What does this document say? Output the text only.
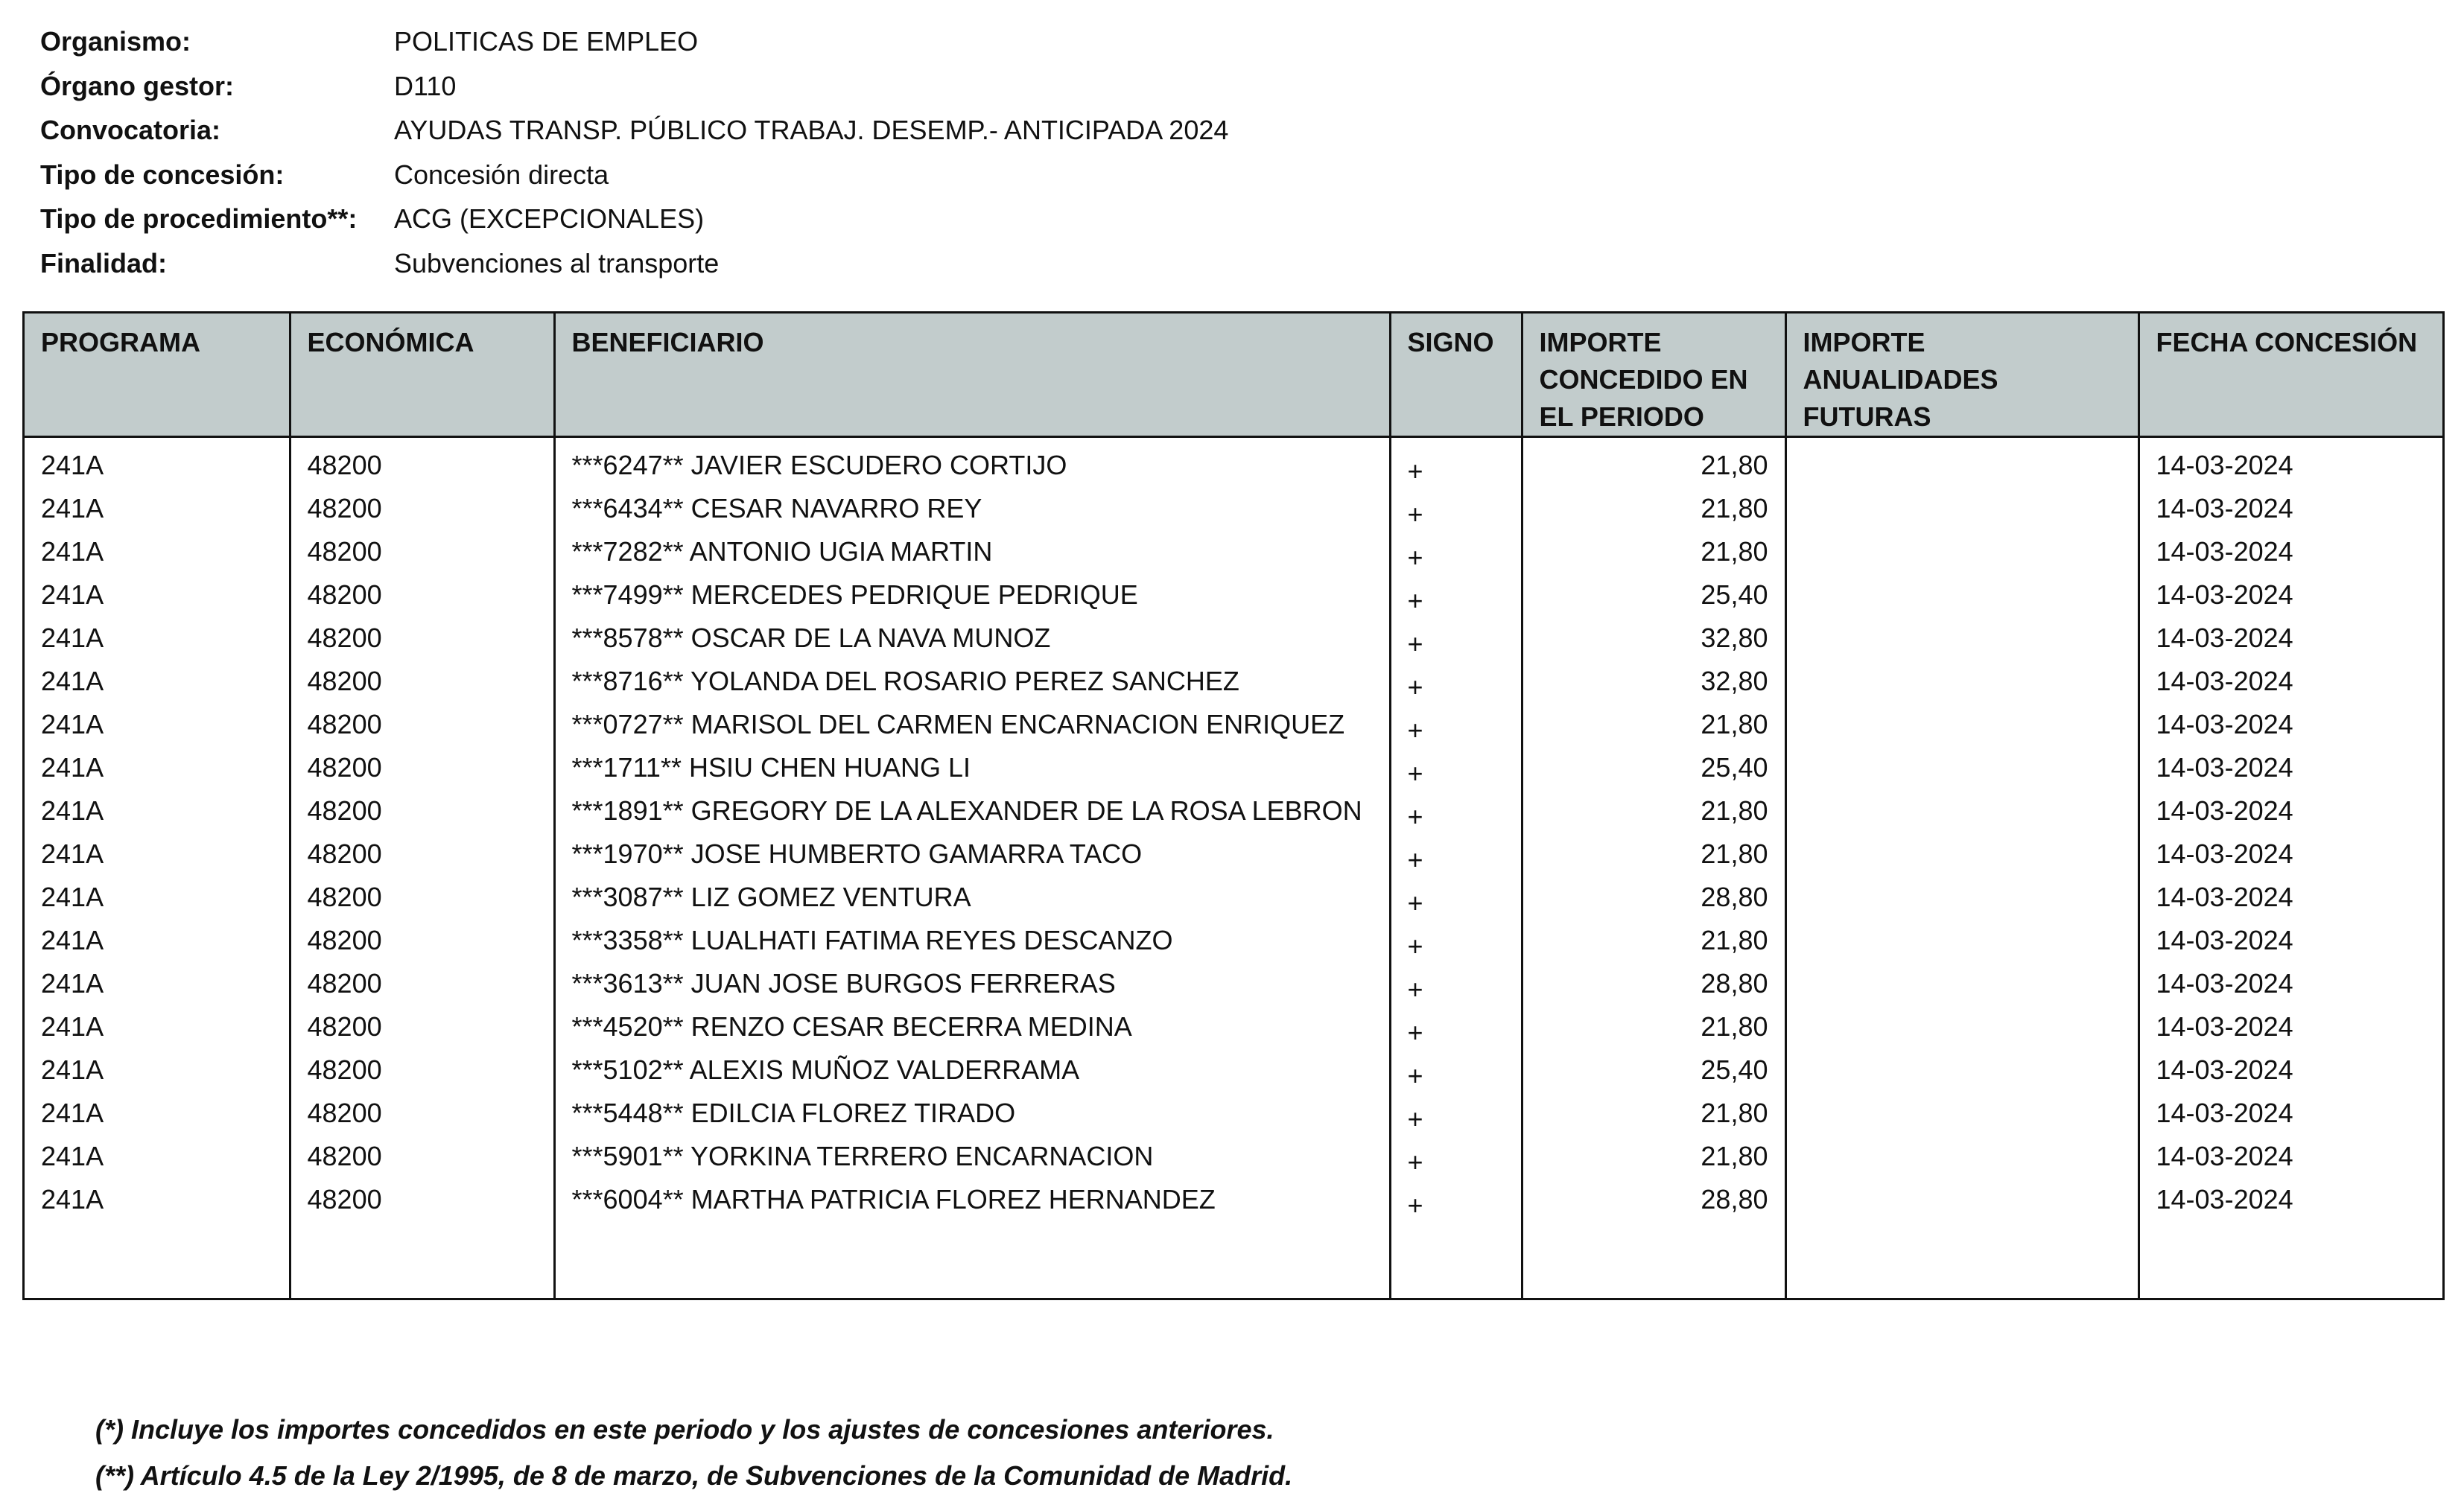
Organismo:	POLITICAS DE EMPLEO
Órgano gestor:	D110
Convocatoria:	AYUDAS TRANSP. PÚBLICO TRABAJ. DESEMP.- ANTICIPADA 2024
Tipo de concesión:	Concesión directa
Tipo de procedimiento**:	ACG (EXCEPCIONALES)
Finalidad:	Subvenciones al transporte
PROGRAMA	ECONÓMICA	BENEFICIARIO	SIGNO	IMPORTE CONCEDIDO EN EL PERIODO	IMPORTE ANUALIDADES FUTURAS	FECHA CONCESIÓN
241A	48200	***6247** JAVIER ESCUDERO CORTIJO	+	21,80		14-03-2024
241A	48200	***6434** CESAR NAVARRO REY	+	21,80		14-03-2024
241A	48200	***7282** ANTONIO UGIA MARTIN	+	21,80		14-03-2024
241A	48200	***7499** MERCEDES PEDRIQUE PEDRIQUE	+	25,40		14-03-2024
241A	48200	***8578** OSCAR DE LA NAVA MUNOZ	+	32,80		14-03-2024
241A	48200	***8716** YOLANDA DEL ROSARIO PEREZ SANCHEZ	+	32,80		14-03-2024
241A	48200	***0727** MARISOL DEL CARMEN ENCARNACION ENRIQUEZ	+	21,80		14-03-2024
241A	48200	***1711** HSIU CHEN HUANG LI	+	25,40		14-03-2024
241A	48200	***1891** GREGORY DE LA ALEXANDER DE LA ROSA LEBRON	+	21,80		14-03-2024
241A	48200	***1970** JOSE HUMBERTO GAMARRA TACO	+	21,80		14-03-2024
241A	48200	***3087** LIZ GOMEZ VENTURA	+	28,80		14-03-2024
241A	48200	***3358** LUALHATI FATIMA REYES DESCANZO	+	21,80		14-03-2024
241A	48200	***3613** JUAN JOSE BURGOS FERRERAS	+	28,80		14-03-2024
241A	48200	***4520** RENZO CESAR BECERRA MEDINA	+	21,80		14-03-2024
241A	48200	***5102** ALEXIS MUÑOZ VALDERRAMA	+	25,40		14-03-2024
241A	48200	***5448** EDILCIA FLOREZ TIRADO	+	21,80		14-03-2024
241A	48200	***5901** YORKINA TERRERO ENCARNACION	+	21,80		14-03-2024
241A	48200	***6004** MARTHA PATRICIA FLOREZ HERNANDEZ	+	28,80		14-03-2024

(*) Incluye los importes concedidos en este periodo y los ajustes de concesiones anteriores.
(**) Artículo 4.5 de la Ley 2/1995, de 8 de marzo, de Subvenciones de la Comunidad de Madrid.
